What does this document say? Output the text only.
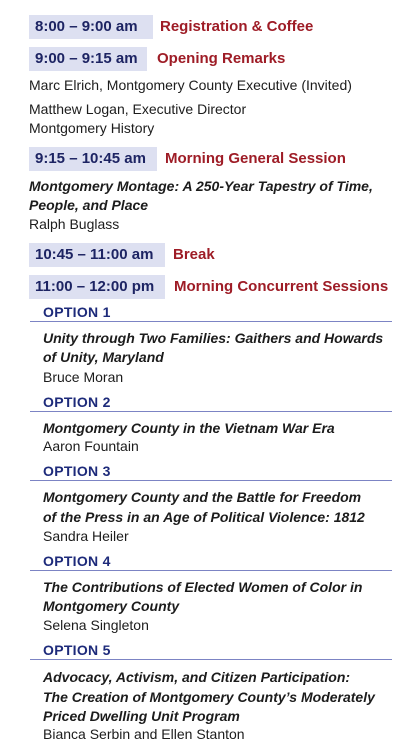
8:00 – 9:00 am	Registration & Coffee
9:00 – 9:15 am	Opening Remarks
Marc Elrich, Montgomery County Executive (Invited)
Matthew Logan, Executive Director
Montgomery History
9:15 – 10:45 am	Morning General Session
Montgomery Montage: A 250-Year Tapestry of Time,
People, and Place
Ralph Buglass
10:45 – 11:00 am	Break
11:00 – 12:00 pm	Morning Concurrent Sessions
OPTION 1
Unity through Two Families: Gaithers and Howards
of Unity, Maryland
Bruce Moran
OPTION 2
Montgomery County in the Vietnam War Era
Aaron Fountain
OPTION 3
Montgomery County and the Battle for Freedom
of the Press in an Age of Political Violence: 1812
Sandra Heiler
OPTION 4
The Contributions of Elected Women of Color in
Montgomery County
Selena Singleton
OPTION 5
Advocacy, Activism, and Citizen Participation:
The Creation of Montgomery County’s Moderately
Priced Dwelling Unit Program
Bianca Serbin and Ellen Stanton
